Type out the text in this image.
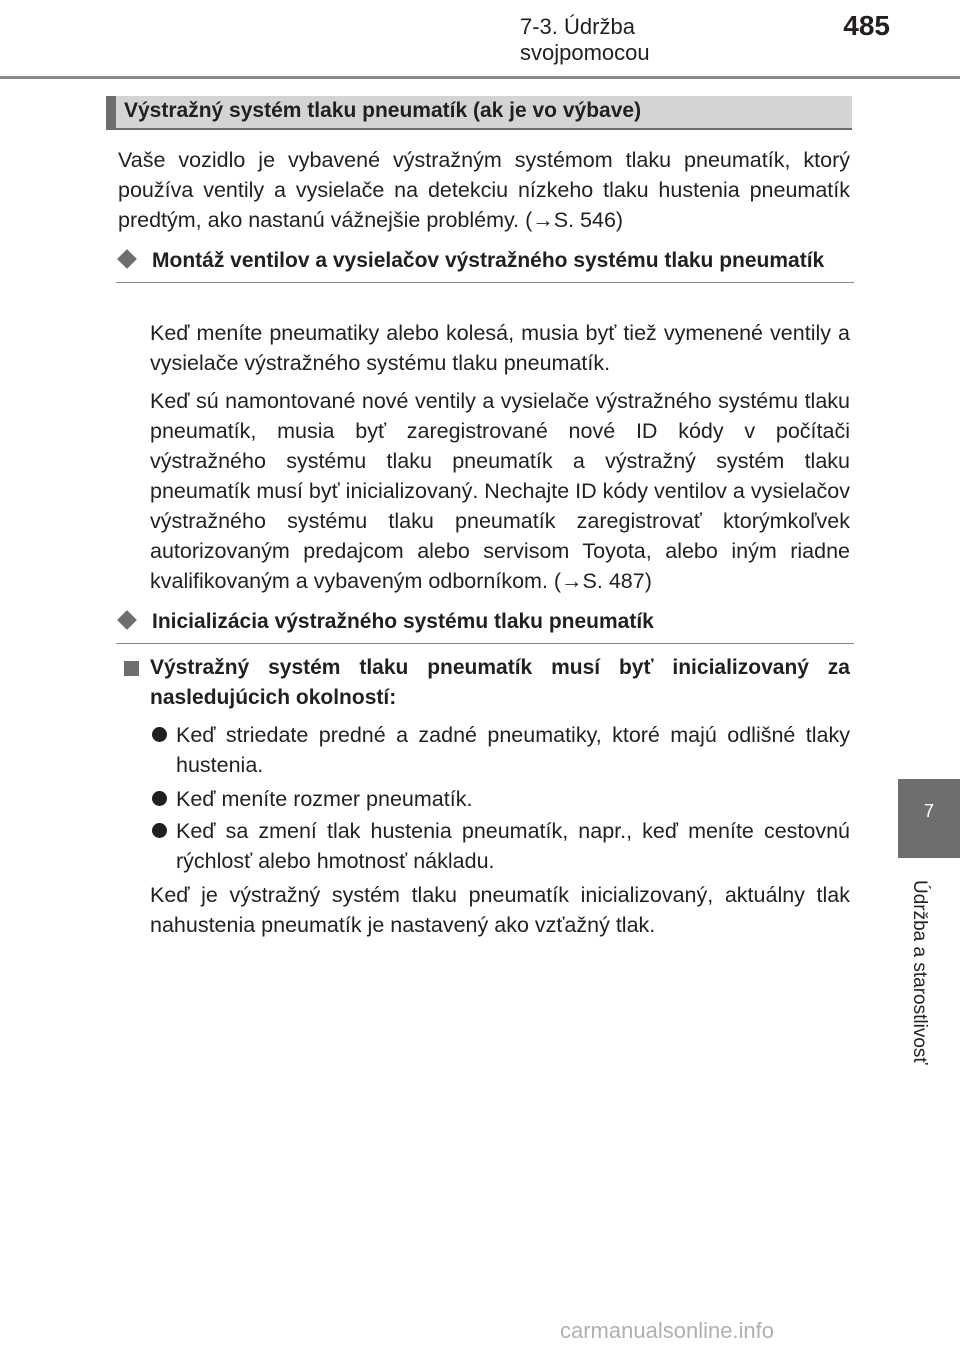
7-3. Údržba svojpomocou
485
Výstražný systém tlaku pneumatík (ak je vo výbave)

Vaše vozidlo je vybavené výstražným systémom tlaku pneumatík, ktorý používa ventily a vysielače na detekciu nízkeho tlaku hustenia pneumatík predtým, ako nastanú vážnejšie problémy. (→S. 546)

Montáž ventilov a vysielačov výstražného systému tlaku pneumatík

Keď meníte pneumatiky alebo kolesá, musia byť tiež vymenené ventily a vysielače výstražného systému tlaku pneumatík.

Keď sú namontované nové ventily a vysielače výstražného systému tlaku pneumatík, musia byť zaregistrované nové ID kódy v počítači výstražného systému tlaku pneumatík a výstražný systém tlaku pneumatík musí byť inicializovaný. Nechajte ID kódy ventilov a vysielačov výstražného systému tlaku pneumatík zaregistrovať ktorýmkoľvek autorizovaným predajcom alebo servisom Toyota, alebo iným riadne kvalifikovaným a vybaveným odborníkom. (→S. 487)

Inicializácia výstražného systému tlaku pneumatík

Výstražný systém tlaku pneumatík musí byť inicializovaný za nasledujúcich okolností:

Keď striedate predné a zadné pneumatiky, ktoré majú odlišné tlaky hustenia.

Keď meníte rozmer pneumatík.

Keď sa zmení tlak hustenia pneumatík, napr., keď meníte cestovnú rýchlosť alebo hmotnosť nákladu.

Keď je výstražný systém tlaku pneumatík inicializovaný, aktuálny tlak nahustenia pneumatík je nastavený ako vzťažný tlak.

7
Údržba a starostlivosť
carmanualsonline.info
